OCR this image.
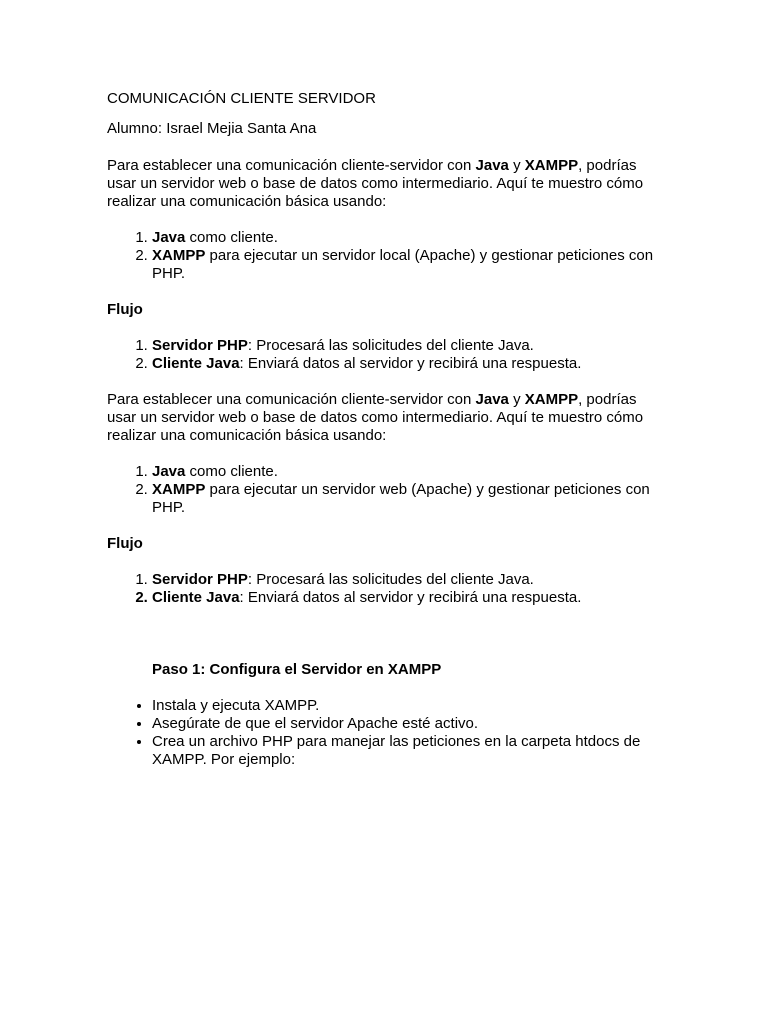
COMUNICACIÓN CLIENTE SERVIDOR

Alumno: Israel Mejia Santa Ana

Para establecer una comunicación cliente-servidor con Java y XAMPP, podrías usar un servidor web o base de datos como intermediario. Aquí te muestro cómo realizar una comunicación básica usando:

1. Java como cliente.
2. XAMPP para ejecutar un servidor local (Apache) y gestionar peticiones con PHP.

Flujo

1. Servidor PHP: Procesará las solicitudes del cliente Java.
2. Cliente Java: Enviará datos al servidor y recibirá una respuesta.

Para establecer una comunicación cliente-servidor con Java y XAMPP, podrías usar un servidor web o base de datos como intermediario. Aquí te muestro cómo realizar una comunicación básica usando:

1. Java como cliente.
2. XAMPP para ejecutar un servidor web (Apache) y gestionar peticiones con PHP.

Flujo

1. Servidor PHP: Procesará las solicitudes del cliente Java.
2. Cliente Java: Enviará datos al servidor y recibirá una respuesta.

Paso 1: Configura el Servidor en XAMPP

• Instala y ejecuta XAMPP.
• Asegúrate de que el servidor Apache esté activo.
• Crea un archivo PHP para manejar las peticiones en la carpeta htdocs de XAMPP. Por ejemplo:
